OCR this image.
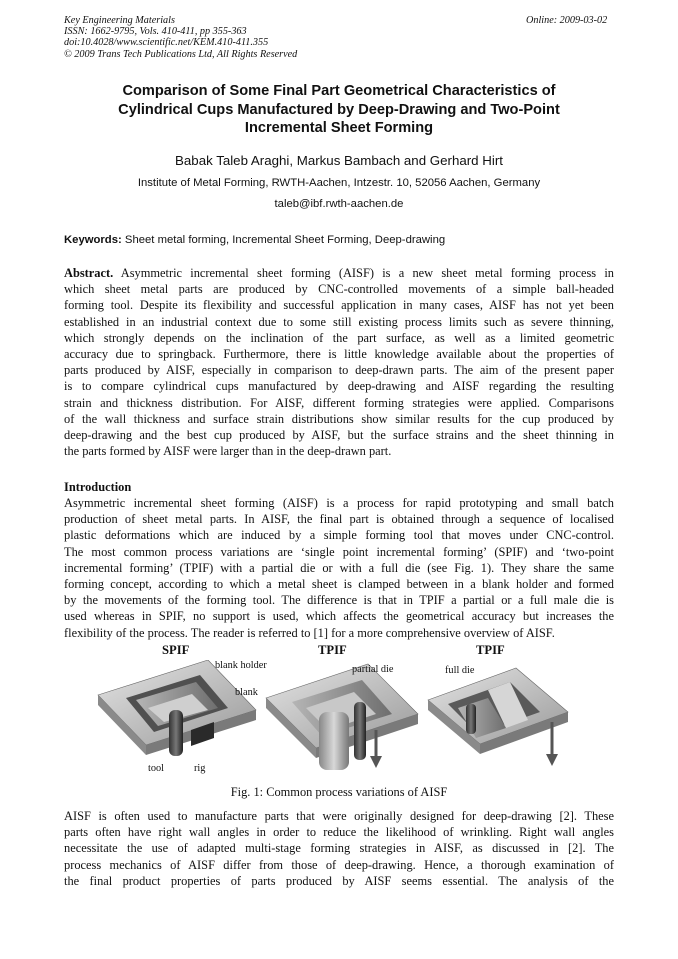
Key Engineering Materials
ISSN: 1662-9795, Vols. 410-411, pp 355-363
doi:10.4028/www.scientific.net/KEM.410-411.355
© 2009 Trans Tech Publications Ltd, All Rights Reserved
Online: 2009-03-02
Comparison of Some Final Part Geometrical Characteristics of
Cylindrical Cups Manufactured by Deep-Drawing and Two-Point
Incremental Sheet Forming
Babak Taleb Araghi, Markus Bambach and Gerhard Hirt
Institute of Metal Forming, RWTH-Aachen, Intzestr. 10, 52056 Aachen, Germany
taleb@ibf.rwth-aachen.de
Keywords: Sheet metal forming, Incremental Sheet Forming, Deep-drawing
Abstract. Asymmetric incremental sheet forming (AISF) is a new sheet metal forming process in
which sheet metal parts are produced by CNC-controlled movements of a simple ball-headed
forming tool. Despite its flexibility and successful application in many cases, AISF has not yet been
established in an industrial context due to some still existing process limits such as severe thinning,
which strongly depends on the inclination of the part surface, as well as a limited geometric
accuracy due to springback. Furthermore, there is little knowledge available about the properties of
parts produced by AISF, especially in comparison to deep-drawn parts. The aim of the present paper
is to compare cylindrical cups manufactured by deep-drawing and AISF regarding the resulting
strain and thickness distribution. For AISF, different forming strategies were applied. Comparisons
of the wall thickness and surface strain distributions show similar results for the cup produced by
deep-drawing and the best cup produced by AISF, but the surface strains and the sheet thinning in
the parts formed by AISF were larger than in the deep-drawn part.
Introduction
Asymmetric incremental sheet forming (AISF) is a process for rapid prototyping and small batch
production of sheet metal parts. In AISF, the final part is obtained through a sequence of localised
plastic deformations which are induced by a simple forming tool that moves under CNC-control.
The most common process variations are ‘single point incremental forming’ (SPIF) and ‘two-point
incremental forming’ (TPIF) with a partial die or with a full die (see Fig. 1). They share the same
forming concept, according to which a metal sheet is clamped between in a blank holder and formed
by the movements of the forming tool. The difference is that in TPIF a partial or a full male die is
used whereas in SPIF, no support is used, which affects the geometrical accuracy but increases the
flexibility of the process. The reader is referred to [1] for a more comprehensive overview of AISF.
SPIF	TPIF	TPIF
blank holder
blank
tool	rig
partial die	full die
Fig. 1: Common process variations of AISF
AISF is often used to manufacture parts that were originally designed for deep-drawing [2]. These
parts often have right wall angles in order to reduce the likelihood of wrinkling. Right wall angles
necessitate the use of adapted multi-stage forming strategies in AISF, as discussed in [2]. The
process mechanics of AISF differ from those of deep-drawing. Hence, a thorough examination of
the final product properties of parts produced by AISF seems essential. The analysis of the
